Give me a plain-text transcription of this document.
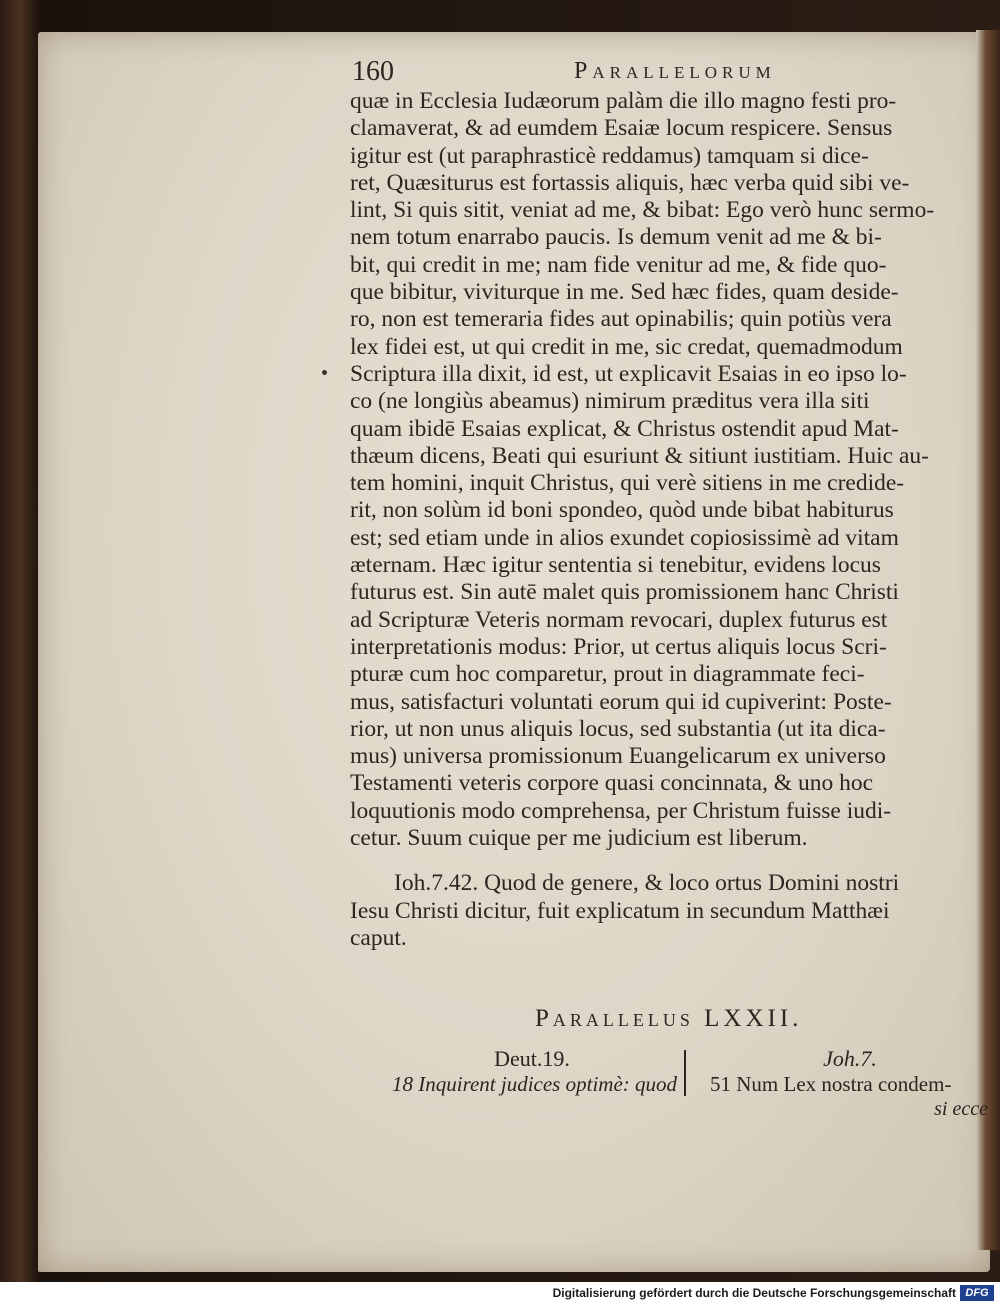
160	Parallelorum
quæ in Ecclesia Iudæorum palàm die illo magno festi pro-
clamaverat, & ad eumdem Esaiæ locum respicere. Sensus
igitur est (ut paraphrasticè reddamus) tamquam si dice-
ret, Quæsiturus est fortassis aliquis, hæc verba quid sibi ve-
lint, Si quis sitit, veniat ad me, & bibat: Ego verò hunc sermo-
nem totum enarrabo paucis. Is demum venit ad me & bi-
bit, qui credit in me; nam fide venitur ad me, & fide quo-
que bibitur, viviturque in me. Sed hæc fides, quam deside-
ro, non est temeraria fides aut opinabilis; quin potiùs vera
lex fidei est, ut qui credit in me, sic credat, quemadmodum
Scriptura illa dixit, id est, ut explicavit Esaias in eo ipso lo-
co (ne longiùs abeamus) nimirum præditus vera illa siti
quam ibidē Esaias explicat, & Christus ostendit apud Mat-
thæum dicens, Beati qui esuriunt & sitiunt iustitiam. Huic au-
tem homini, inquit Christus, qui verè sitiens in me credide-
rit, non solùm id boni spondeo, quòd unde bibat habiturus
est; sed etiam unde in alios exundet copiosissimè ad vitam
æternam. Hæc igitur sententia si tenebitur, evidens locus
futurus est. Sin autē malet quis promissionem hanc Christi
ad Scripturæ Veteris normam revocari, duplex futurus est
interpretationis modus: Prior, ut certus aliquis locus Scri-
pturæ cum hoc comparetur, prout in diagrammate feci-
mus, satisfacturi voluntati eorum qui id cupiverint: Poste-
rior, ut non unus aliquis locus, sed substantia (ut ita dica-
mus) universa promissionum Euangelicarum ex universo
Testamenti veteris corpore quasi concinnata, & uno hoc
loquutionis modo comprehensa, per Christum fuisse iudi-
cetur. Suum cuique per me judicium est liberum.
Ioh.7.42. Quod de genere, & loco ortus Domini nostri
Iesu Christi dicitur, fuit explicatum in secundum Matthæi
caput.
Parallelus LXXII.
Deut.19.
18 Inquirent judices optimè: quod
Joh.7.
51 Num Lex nostra condem-
si ecce
Digitalisierung gefördert durch die Deutsche Forschungsgemeinschaft DFG
